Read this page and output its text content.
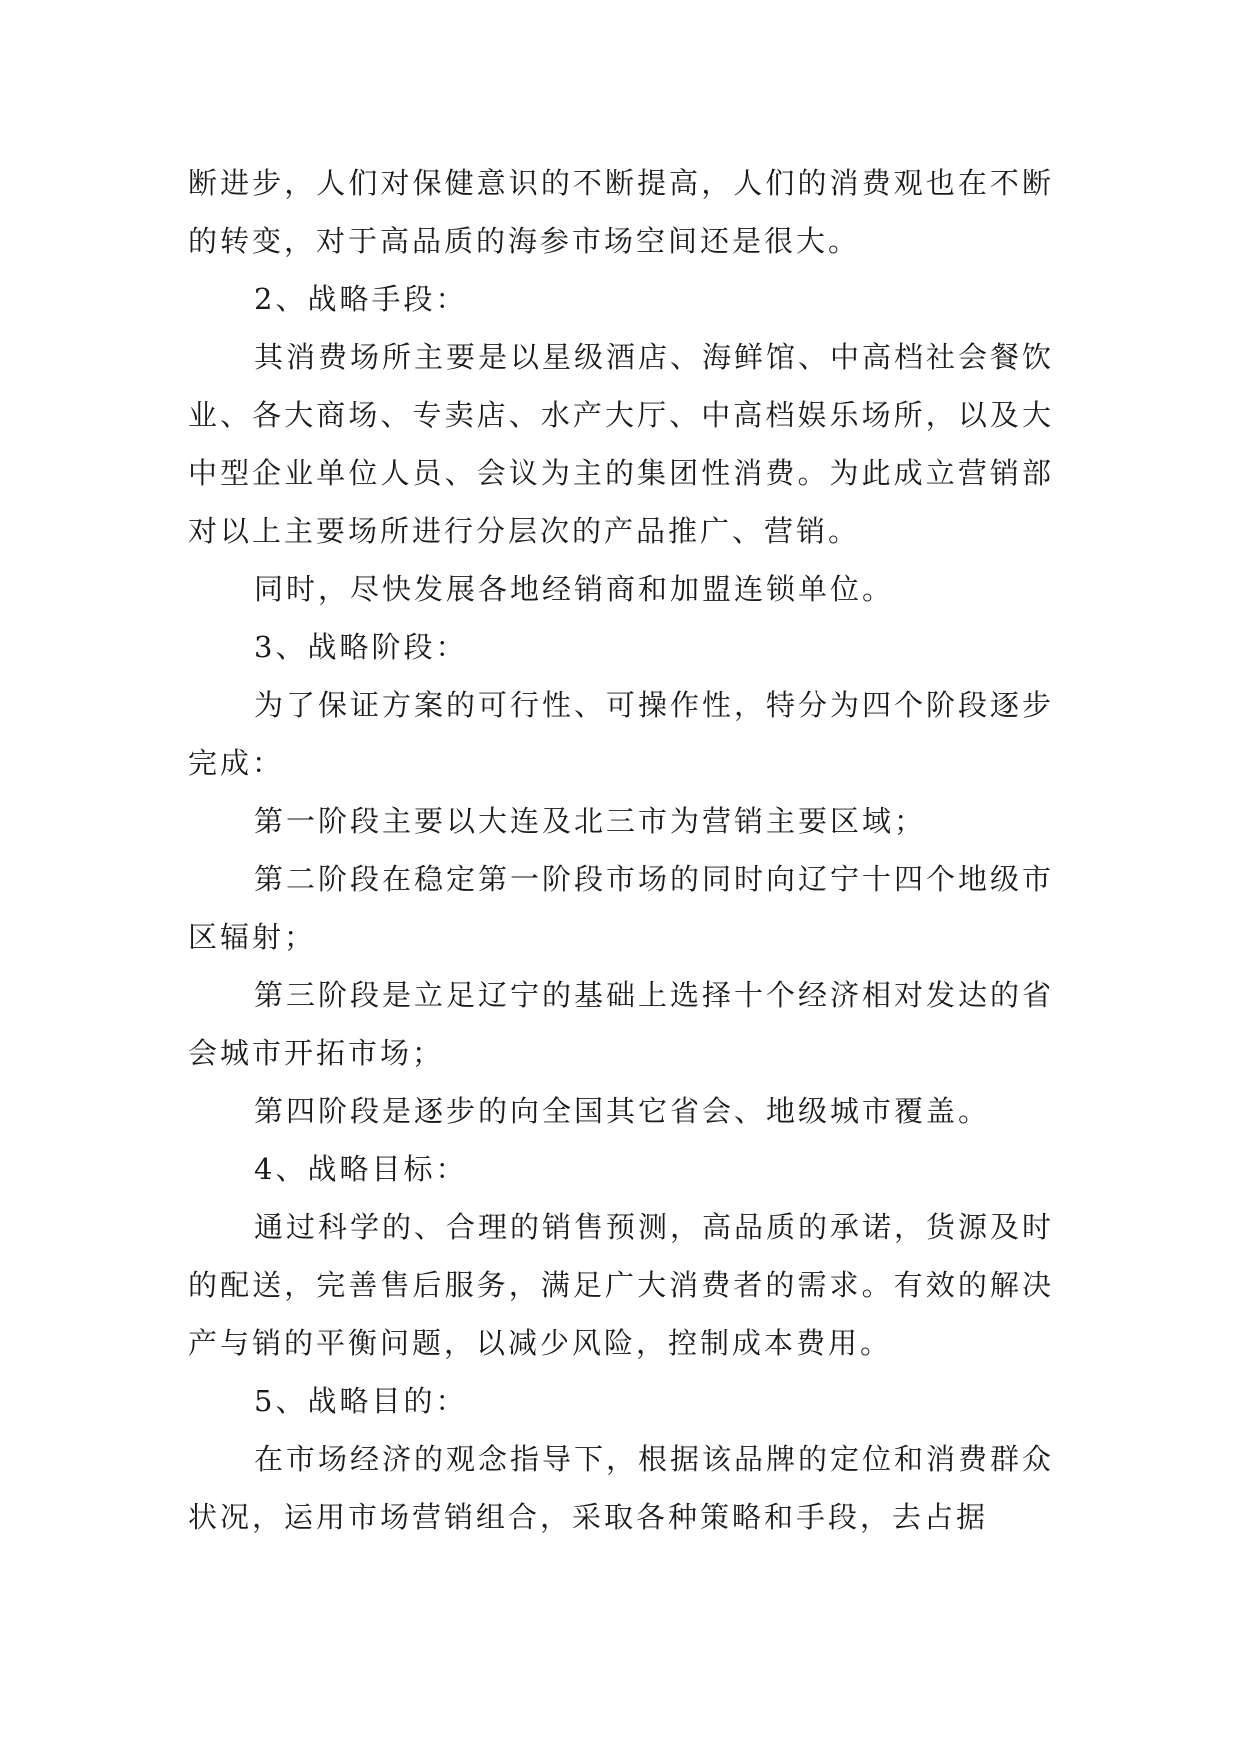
断进步，人们对保健意识的不断提高，人们的消费观也在不断的转变，对于高品质的海参市场空间还是很大。

2、战略手段：

其消费场所主要是以星级酒店、海鲜馆、中高档社会餐饮业、各大商场、专卖店、水产大厅、中高档娱乐场所，以及大中型企业单位人员、会议为主的集团性消费。为此成立营销部对以上主要场所进行分层次的产品推广、营销。

同时，尽快发展各地经销商和加盟连锁单位。

3、战略阶段：

为了保证方案的可行性、可操作性，特分为四个阶段逐步完成：

第一阶段主要以大连及北三市为营销主要区域；

第二阶段在稳定第一阶段市场的同时向辽宁十四个地级市区辐射；

第三阶段是立足辽宁的基础上选择十个经济相对发达的省会城市开拓市场；

第四阶段是逐步的向全国其它省会、地级城市覆盖。

4、战略目标：

通过科学的、合理的销售预测，高品质的承诺，货源及时的配送，完善售后服务，满足广大消费者的需求。有效的解决产与销的平衡问题，以减少风险，控制成本费用。

5、战略目的：

在市场经济的观念指导下，根据该品牌的定位和消费群众状况，运用市场营销组合，采取各种策略和手段，去占据
